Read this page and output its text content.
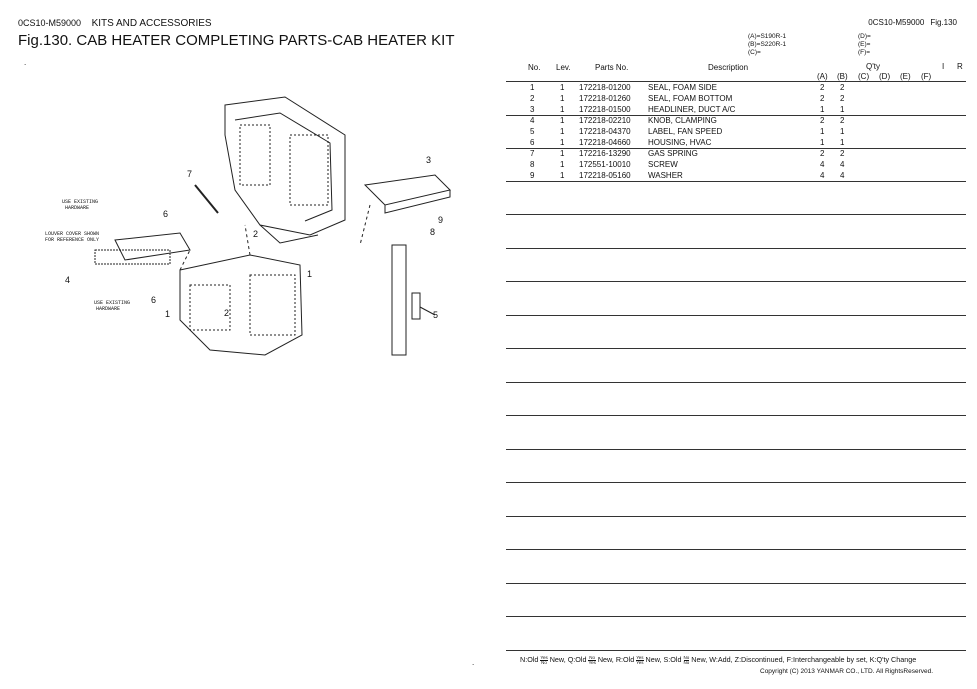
0CS10-M59000 KITS AND ACCESSORIES
Fig.130. CAB HEATER COMPLETING PARTS-CAB HEATER KIT
0CS10-M59000 Fig.130
(A)=S190R-1
(B)=S220R-1
(C)=
(D)=
(E)=
(F)=
.
.
1
1
2
2
3
4
5
6
6
7
8
9
USE EXISTING
HARDWARE
LOUVER COVER SHOWN
FOR REFERENCE ONLY
USE EXISTING
HARDWARE
No. Lev.	Parts No.	Description	Q'ty	I R
(A) (B) (C) (D) (E) (F)
1	1 172218-01200 SEAL, FOAM SIDE	2 2
2	1 172218-01260 SEAL, FOAM BOTTOM	2 2
3	1 172218-01500 HEADLINER, DUCT A/C	1 1
4	1 172218-02210 KNOB, CLAMPING	2 2
5	1 172218-04370 LABEL, FAN SPEED	1 1
6	1 172218-04660 HOUSING, HVAC	1 1
7	1 172216-13290 GAS SPRING	2 2
8	1 172551-10010 SCREW	4 4
9	1 172218-05160 WASHER	4 4
N:Old $\frac{\text{Yes}}{No}$ New, Q:Old $\frac{No}{\text{Yes}}$ New, R:Old $\frac{\text{Yes}}{\text{Yes}}$ New, S:Old $\frac{No}{No}$ New, W:Add, Z:Discontinued, F:Interchangeable by set, K:Q'ty Change
Copyright (C) 2013 YANMAR CO., LTD. All RightsReserved.
